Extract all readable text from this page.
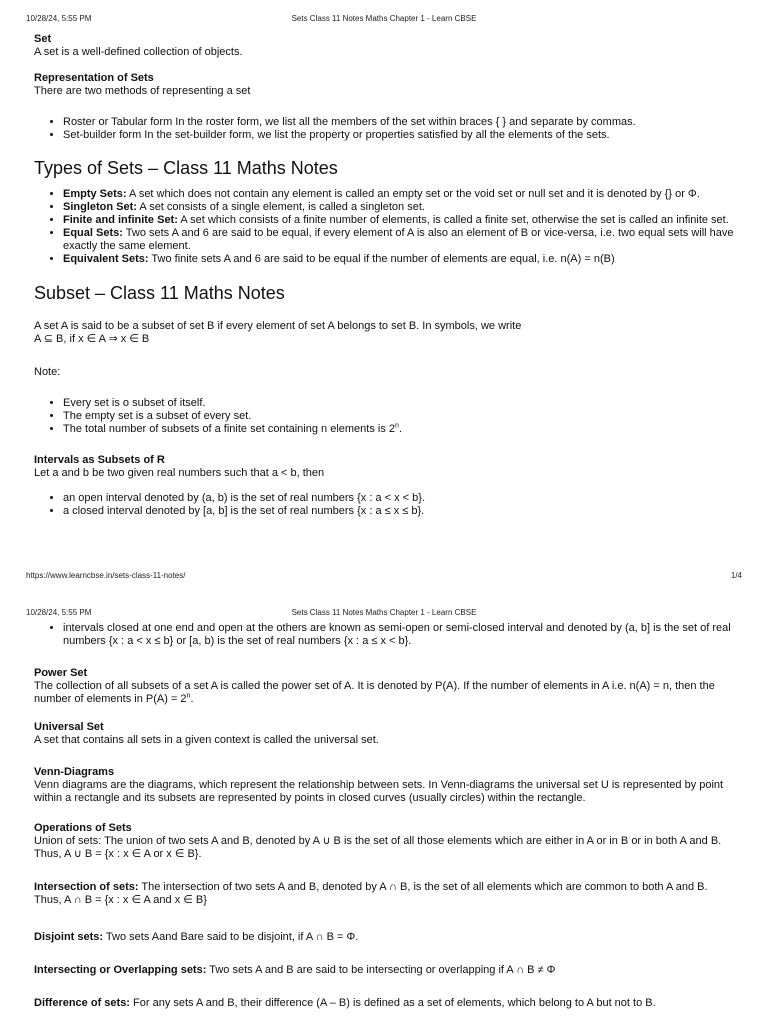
10/28/24, 5:55 PM	Sets Class 11 Notes Maths Chapter 1 - Learn CBSE

Set

A set is a well-defined collection of objects.

Representation of Sets

There are two methods of representing a set

• Roster or Tabular form In the roster form, we list all the members of the set within braces { } and separate by commas.
• Set-builder form In the set-builder form, we list the property or properties satisfied by all the elements of the sets.
Types of Sets – Class 11 Maths Notes
• Empty Sets: A set which does not contain any element is called an empty set or the void set or null set and it is denoted by {} or Φ.
• Singleton Set: A set consists of a single element, is called a singleton set.
• Finite and infinite Set: A set which consists of a finite number of elements, is called a finite set, otherwise the set is called an infinite set.
• Equal Sets: Two sets A and 6 are said to be equal, if every element of A is also an element of B or vice-versa, i.e. two equal sets will have exactly the same element.
• Equivalent Sets: Two finite sets A and 6 are said to be equal if the number of elements are equal, i.e. n(A) = n(B)
Subset – Class 11 Maths Notes

A set A is said to be a subset of set B if every element of set A belongs to set B. In symbols, we write

A ⊆ B, if x ∈ A ⇒ x ∈ B

Note:

• Every set is o subset of itself.
• The empty set is a subset of every set.
• The total number of subsets of a finite set containing n elements is 2$^n$.

Intervals as Subsets of R

Let a and b be two given real numbers such that a < b, then

• an open interval denoted by (a, b) is the set of real numbers {x : a < x < b}.
• a closed interval denoted by [a, b] is the set of real numbers {x : a ≤ x ≤ b}.
https://www.learncbse.in/sets-class-11-notes/	1/4
10/28/24, 5:55 PM	Sets Class 11 Notes Maths Chapter 1 - Learn CBSE
• intervals closed at one end and open at the others are known as semi-open or semi-closed interval and denoted by (a, b] is the set of real numbers {x : a < x ≤ b} or [a, b) is the set of real numbers {x : a ≤ x < b}.

Power Set

The collection of all subsets of a set A is called the power set of A. It is denoted by P(A). If the number of elements in A i.e. n(A) = n, then the number of elements in $P(A) = 2^n$.

Universal Set

A set that contains all sets in a given context is called the universal set.

Venn-Diagrams

Venn diagrams are the diagrams, which represent the relationship between sets. In Venn-diagrams the universal set U is represented by point within a rectangle and its subsets are represented by points in closed curves (usually circles) within the rectangle.

Operations of Sets

Union of sets: The union of two sets A and B, denoted by A ∪ B is the set of all those elements which are either in A or in B or in both A and B. Thus, A ∪ B = {x : x ∈ A or x ∈ B}.

Intersection of sets: The intersection of two sets A and B, denoted by A ∩ B, is the set of all elements which are common to both A and B.

Thus, A ∩ B = {x : x ∈ A and x ∈ B}

Disjoint sets: Two sets Aand Bare said to be disjoint, if A ∩ B = Φ.

Intersecting or Overlapping sets: Two sets A and B are said to be intersecting or overlapping if A ∩ B ≠ Φ

Difference of sets: For any sets A and B, their difference (A – B) is defined as a set of elements, which belong to A but not to B.
